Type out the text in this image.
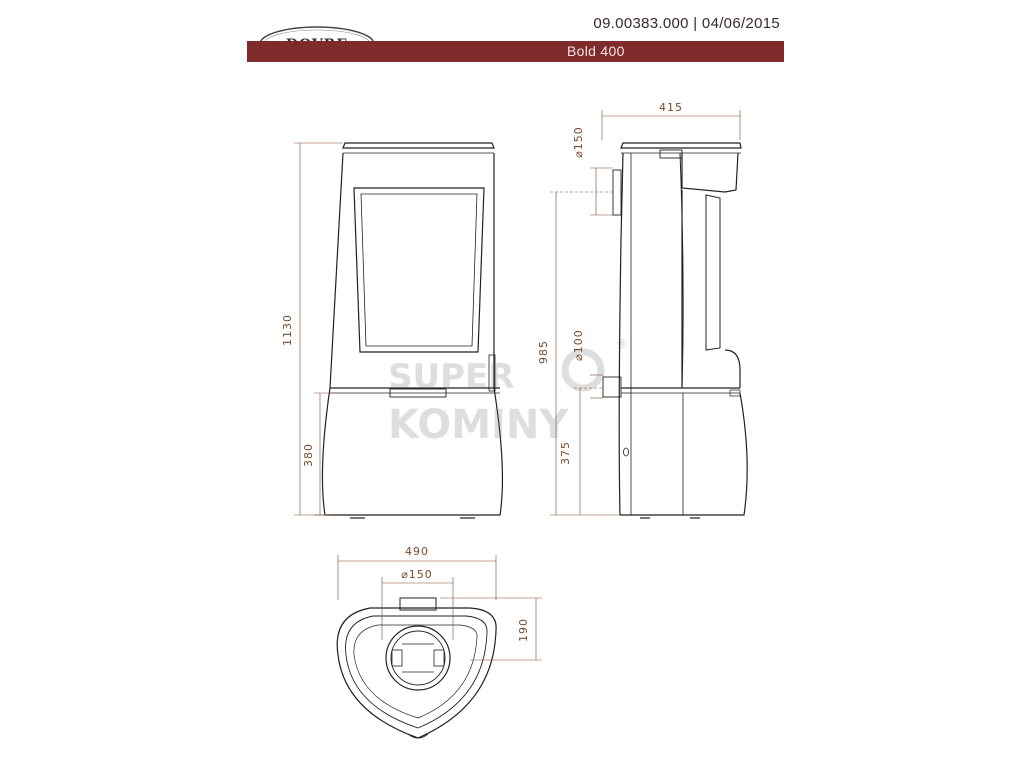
09.00383.000 | 04/06/2015
Bold 400
1130
380
415
⌀150
985 ⌀100
375
490
⌀150
190
SUPER
KOMINY
®
